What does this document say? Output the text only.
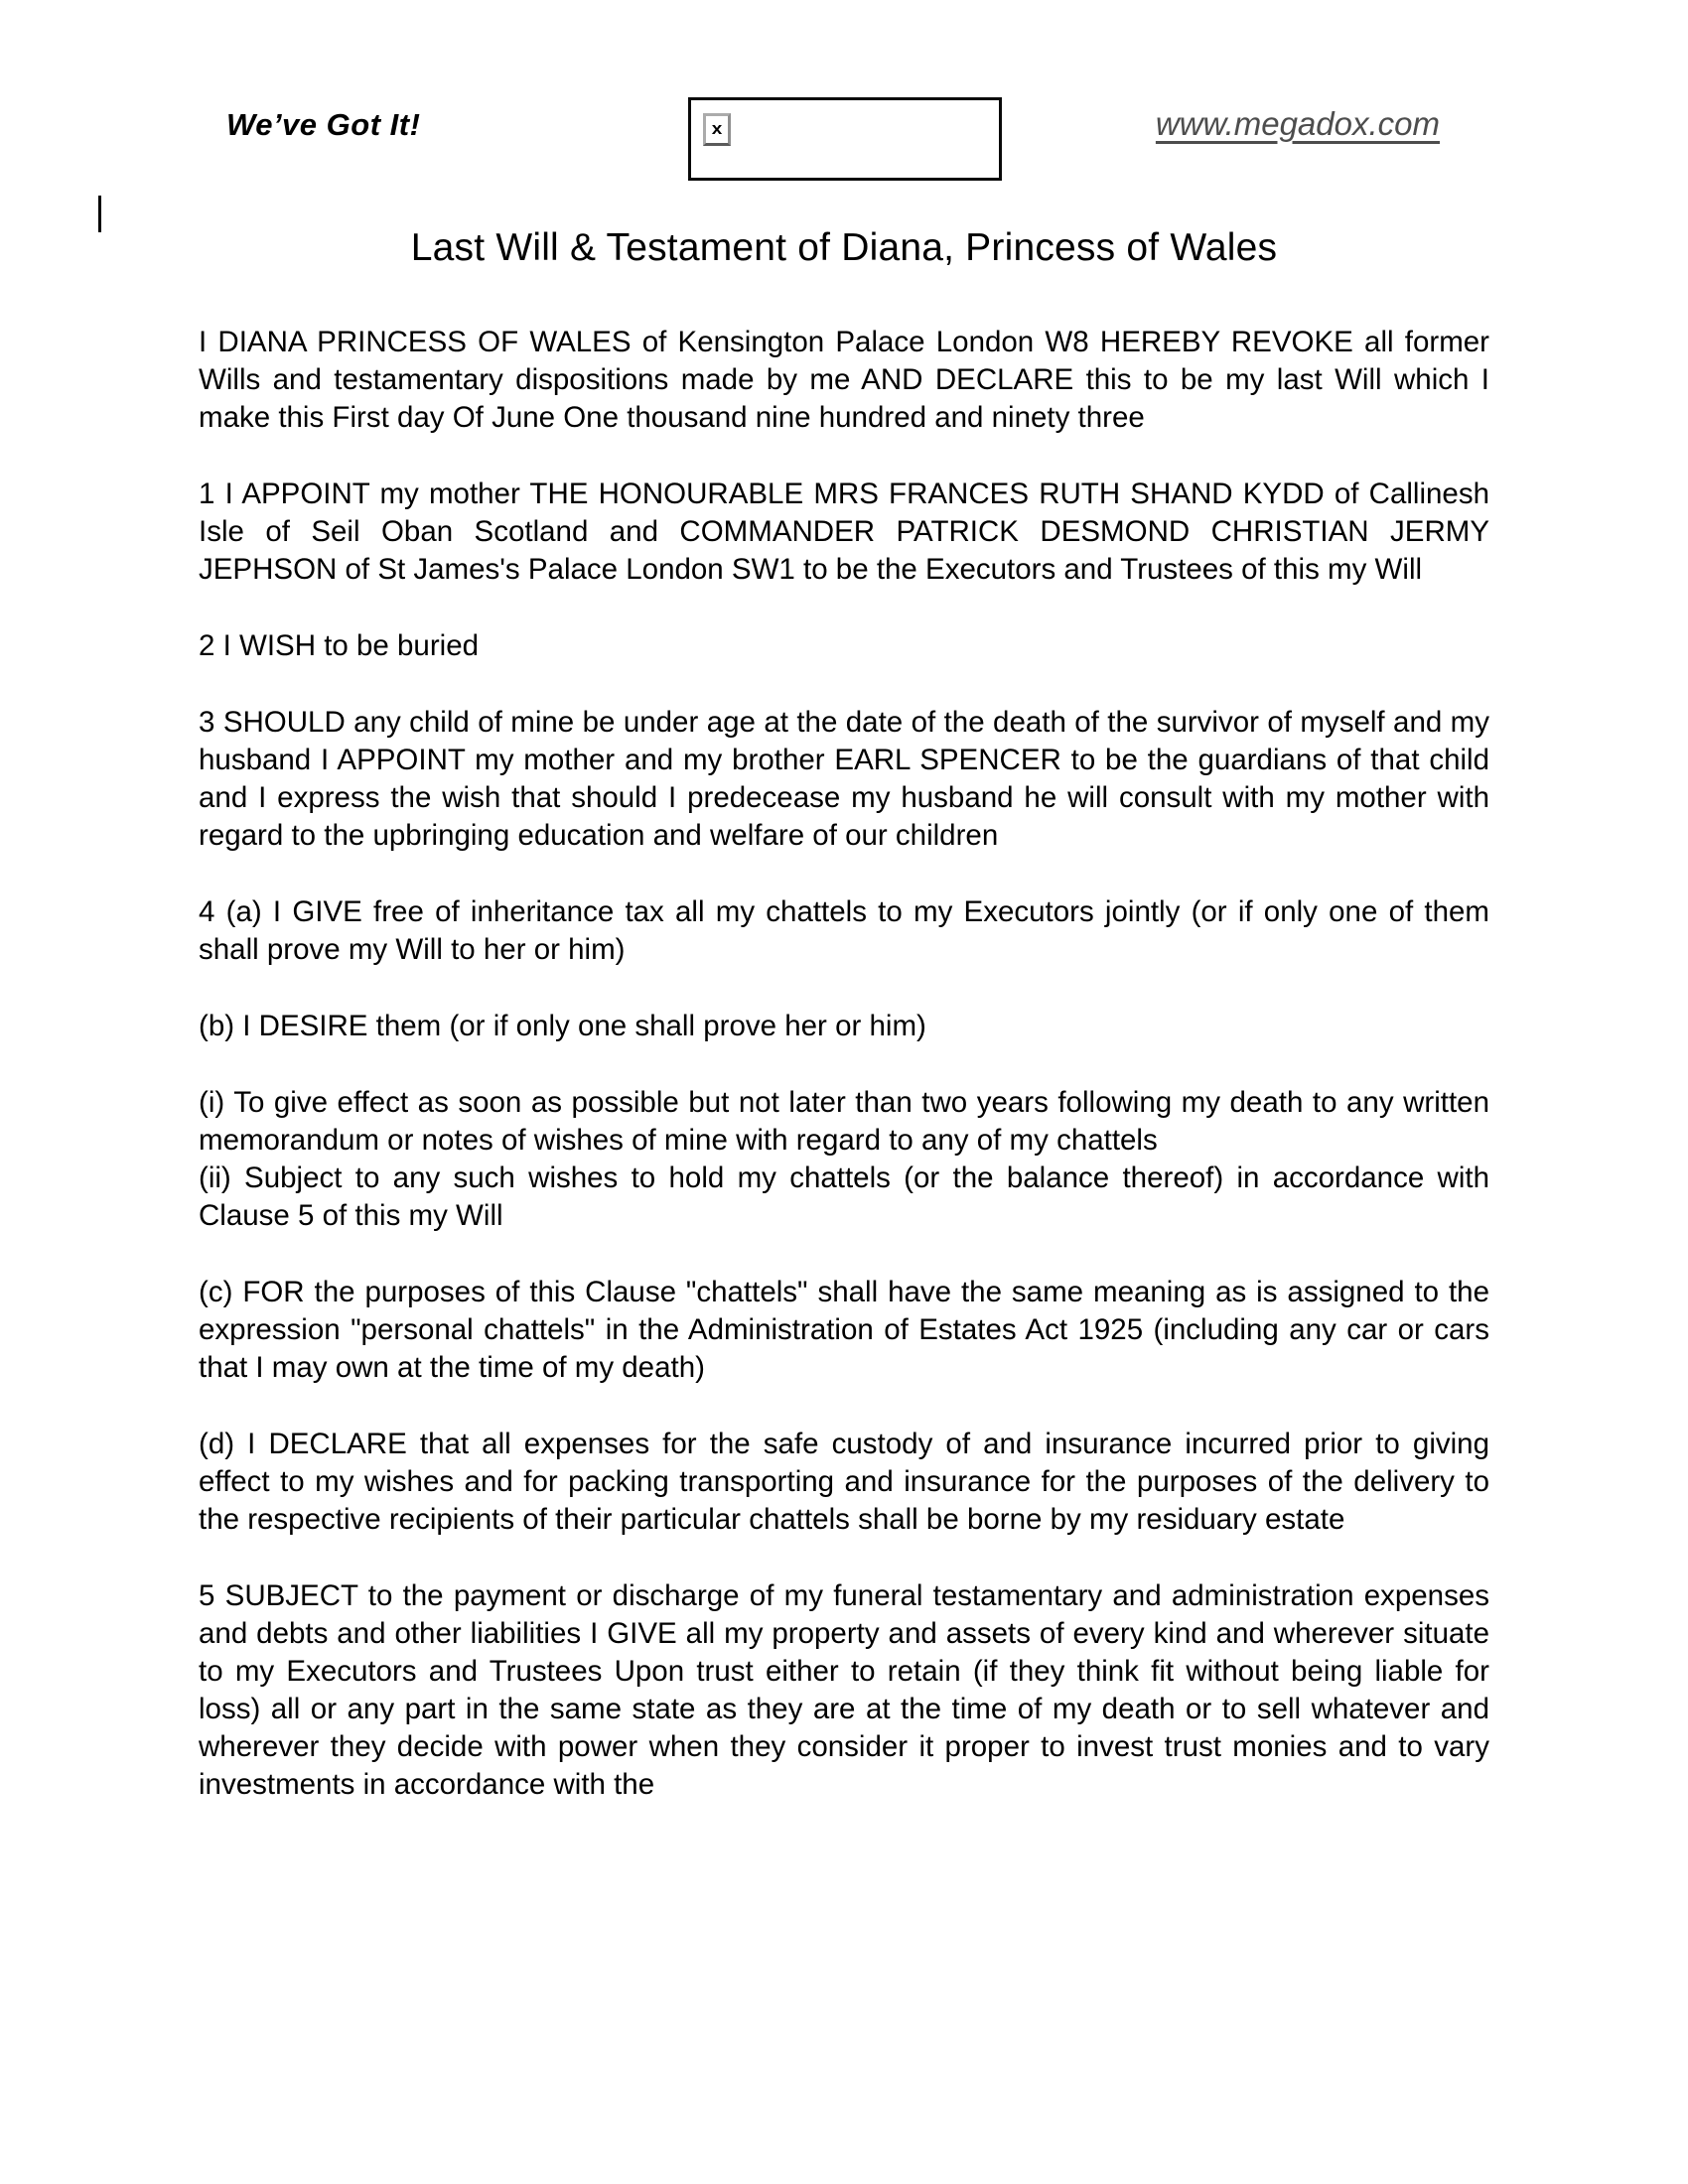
We’ve Got It!	x	www.megadox.com
Last Will & Testament of Diana, Princess of Wales

I DIANA PRINCESS OF WALES of Kensington Palace London W8 HEREBY REVOKE all former Wills and testamentary dispositions made by me AND DECLARE this to be my last Will which I make this First day Of June One thousand nine hundred and ninety three

1 I APPOINT my mother THE HONOURABLE MRS FRANCES RUTH SHAND KYDD of Callinesh Isle of Seil Oban Scotland and COMMANDER PATRICK DESMOND CHRISTIAN JERMY JEPHSON of St James's Palace London SW1 to be the Executors and Trustees of this my Will

2 I WISH to be buried

3 SHOULD any child of mine be under age at the date of the death of the survivor of myself and my husband I APPOINT my mother and my brother EARL SPENCER to be the guardians of that child and I express the wish that should I predecease my husband he will consult with my mother with regard to the upbringing education and welfare of our children

4 (a) I GIVE free of inheritance tax all my chattels to my Executors jointly (or if only one of them shall prove my Will to her or him)

(b) I DESIRE them (or if only one shall prove her or him)

(i) To give effect as soon as possible but not later than two years following my death to any written memorandum or notes of wishes of mine with regard to any of my chattels

(ii) Subject to any such wishes to hold my chattels (or the balance thereof) in accordance with Clause 5 of this my Will

(c) FOR the purposes of this Clause "chattels" shall have the same meaning as is assigned to the expression "personal chattels" in the Administration of Estates Act 1925 (including any car or cars that I may own at the time of my death)

(d) I DECLARE that all expenses for the safe custody of and insurance incurred prior to giving effect to my wishes and for packing transporting and insurance for the purposes of the delivery to the respective recipients of their particular chattels shall be borne by my residuary estate

5 SUBJECT to the payment or discharge of my funeral testamentary and administration expenses and debts and other liabilities I GIVE all my property and assets of every kind and wherever situate to my Executors and Trustees Upon trust either to retain (if they think fit without being liable for loss) all or any part in the same state as they are at the time of my death or to sell whatever and wherever they decide with power when they consider it proper to invest trust monies and to vary investments in accordance with the
